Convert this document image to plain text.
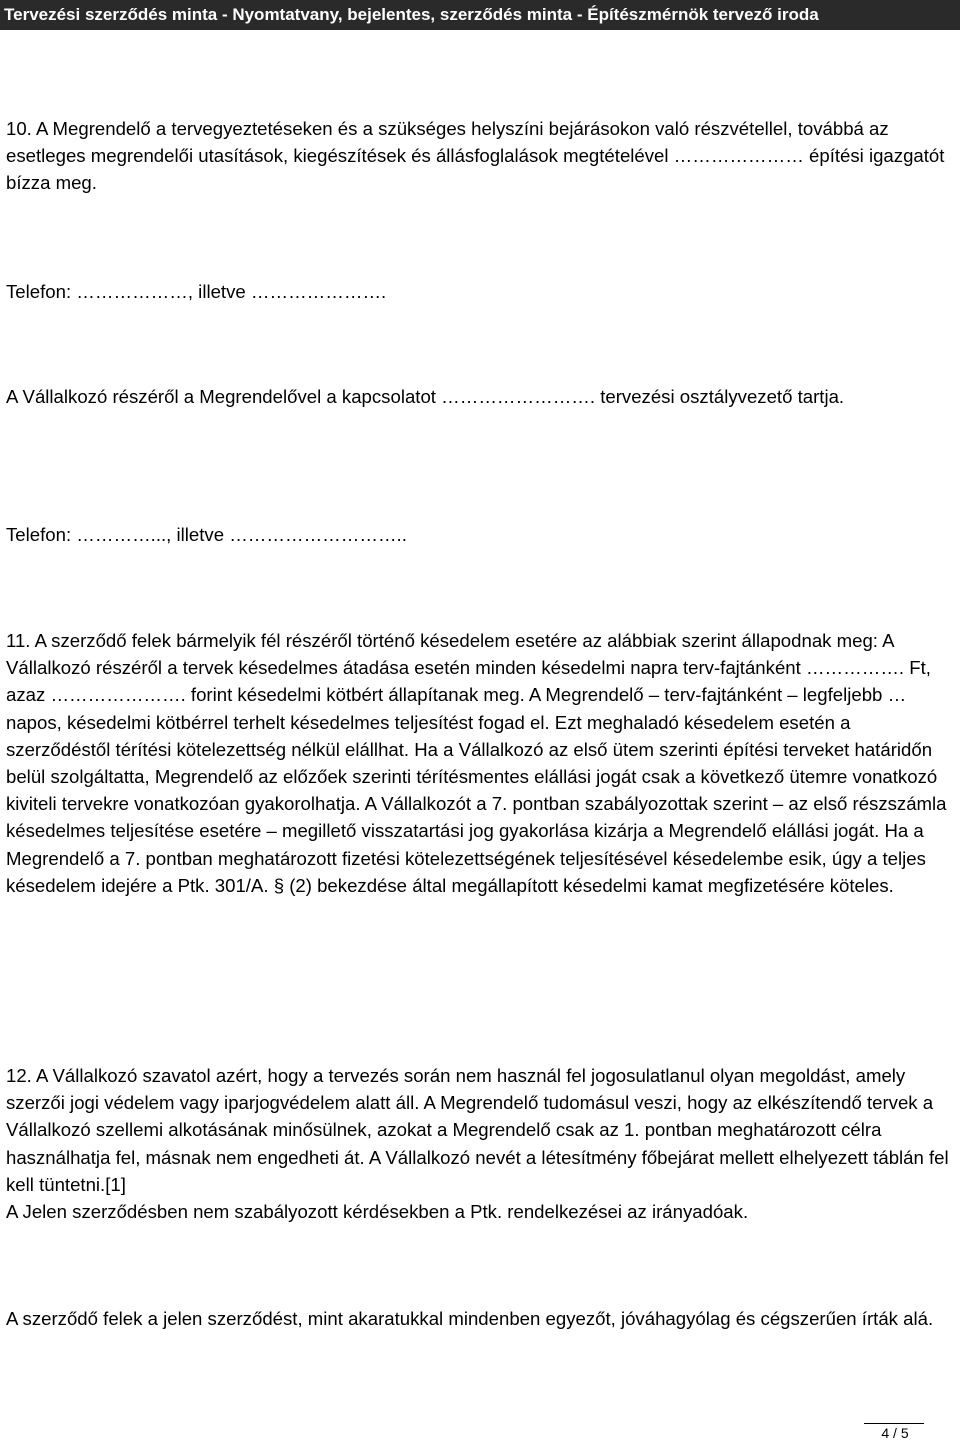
Tervezési szerződés minta - Nyomtatvany, bejelentes, szerződés minta - Építészmérnök tervező iroda

10. A Megrendelő a tervegyeztetéseken és a szükséges helyszíni bejárásokon való részvétellel, továbbá az esetleges megrendelői utasítások, kiegészítések és állásfoglalások megtételével ………………… építési igazgatót bízza meg.

Telefon: ………………, illetve ………………….

A Vállalkozó részéről a Megrendelővel a kapcsolatot ……………………. tervezési osztályvezető tartja.

Telefon: …………..., illetve ………………………..

11. A szerződő felek bármelyik fél részéről történő késedelem esetére az alábbiak szerint állapodnak meg: A Vállalkozó részéről a tervek késedelmes átadása esetén minden késedelmi napra terv-fajtánként ……………. Ft, azaz …………………. forint késedelmi kötbért állapítanak meg. A Megrendelő – terv-fajtánként – legfeljebb … napos, késedelmi kötbérrel terhelt késedelmes teljesítést fogad el. Ezt meghaladó késedelem esetén a szerződéstől térítési kötelezettség nélkül elállhat. Ha a Vállalkozó az első ütem szerinti építési terveket határidőn belül szolgáltatta, Megrendelő az előzőek szerinti térítésmentes elállási jogát csak a következő ütemre vonatkozó kiviteli tervekre vonatkozóan gyakorolhatja. A Vállalkozót a 7. pontban szabályozottak szerint – az első részszámla késedelmes teljesítése esetére – megillető visszatartási jog gyakorlása kizárja a Megrendelő elállási jogát. Ha a Megrendelő a 7. pontban meghatározott fizetési kötelezettségének teljesítésével késedelembe esik, úgy a teljes késedelem idejére a Ptk. 301/A. § (2) bekezdése által megállapított késedelmi kamat megfizetésére köteles.

12. A Vállalkozó szavatol azért, hogy a tervezés során nem használ fel jogosulatlanul olyan megoldást, amely szerzői jogi védelem vagy iparjogvédelem alatt áll. A Megrendelő tudomásul veszi, hogy az elkészítendő tervek a Vállalkozó szellemi alkotásának minősülnek, azokat a Megrendelő csak az 1. pontban meghatározott célra használhatja fel, másnak nem engedheti át. A Vállalkozó nevét a létesítmény főbejárat mellett elhelyezett táblán fel kell tüntetni.[1]

A Jelen szerződésben nem szabályozott kérdésekben a Ptk. rendelkezései az irányadóak.

A szerződő felek a jelen szerződést, mint akaratukkal mindenben egyezőt, jóváhagyólag és cégszerűen írták alá.

4 / 5
